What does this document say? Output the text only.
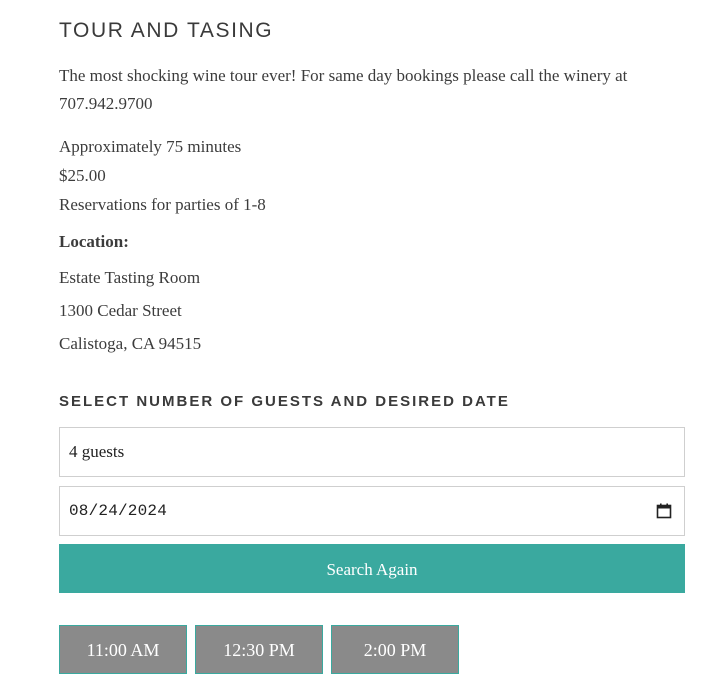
TOUR AND TASING

The most shocking wine tour ever! For same day bookings please call the winery at 707.942.9700

Approximately 75 minutes

$25.00

Reservations for parties of 1-8

Location:

Estate Tasting Room

1300 Cedar Street

Calistoga, CA 94515

SELECT NUMBER OF GUESTS AND DESIRED DATE
4 guests
08/24/2024
Search Again
11:00 AM	12:30 PM	2:00 PM
